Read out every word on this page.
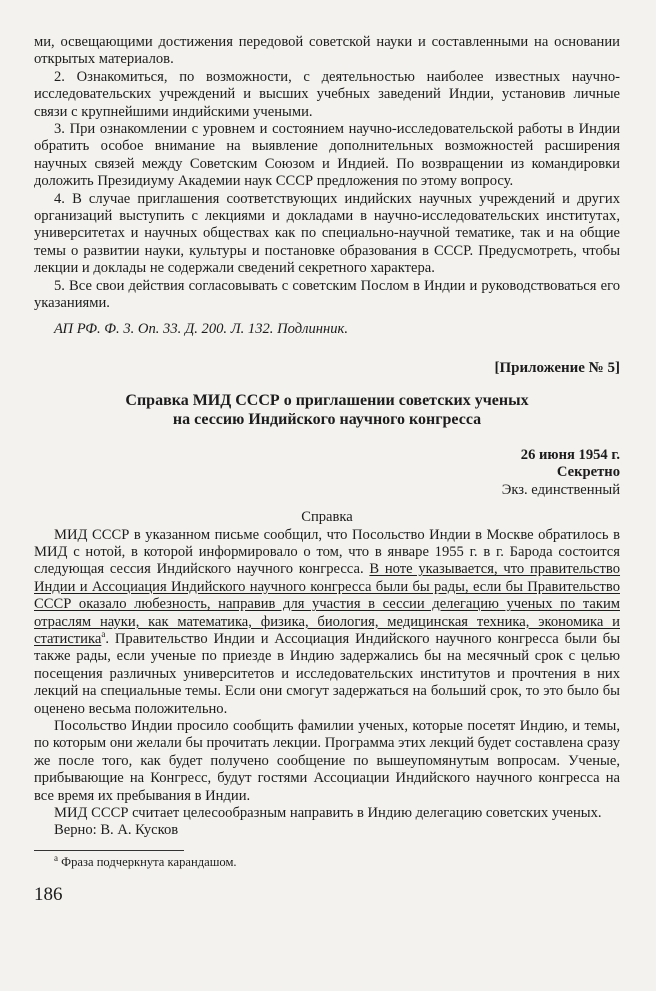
ми, освещающими достижения передовой советской науки и составленными на основании открытых материалов.

2. Ознакомиться, по возможности, с деятельностью наиболее известных научно-исследовательских учреждений и высших учебных заведений Индии, установив личные связи с крупнейшими индийскими учеными.

3. При ознакомлении с уровнем и состоянием научно-исследовательской работы в Индии обратить особое внимание на выявление дополнительных возможностей расширения научных связей между Советским Союзом и Индией. По возвращении из командировки доложить Президиуму Академии наук СССР предложения по этому вопросу.

4. В случае приглашения соответствующих индийских научных учреждений и других организаций выступить с лекциями и докладами в научно-исследовательских институтах, университетах и научных обществах как по специально-научной тематике, так и на общие темы о развитии науки, культуры и постановке образования в СССР. Предусмотреть, чтобы лекции и доклады не содержали сведений секретного характера.

5. Все свои действия согласовывать с советским Послом в Индии и руководствоваться его указаниями.

АП РФ. Ф. 3. Оп. 33. Д. 200. Л. 132. Подлинник.

[Приложение № 5]
Справка МИД СССР о приглашении советских ученых на сессию Индийского научного конгресса
26 июня 1954 г.
Секретно
Экз. единственный
Справка

МИД СССР в указанном письме сообщил, что Посольство Индии в Москве обратилось в МИД с нотой, в которой информировало о том, что в январе 1955 г. в г. Барода состоится следующая сессия Индийского научного конгресса. В ноте указывается, что правительство Индии и Ассоциация Индийского научного конгресса были бы рады, если бы Правительство СССР оказало любезность, направив для участия в сессии делегацию ученых по таким отраслям науки, как математика, физика, биология, медицинская техника, экономика и статистика$^а$. Правительство Индии и Ассоциация Индийского научного конгресса были бы также рады, если ученые по приезде в Индию задержались бы на месячный срок с целью посещения различных университетов и исследовательских институтов и прочтения в них лекций на специальные темы. Если они смогут задержаться на больший срок, то это было бы оценено весьма положительно.

Посольство Индии просило сообщить фамилии ученых, которые посетят Индию, и темы, по которым они желали бы прочитать лекции. Программа этих лекций будет составлена сразу же после того, как будет получено сообщение по вышеупомянутым вопросам. Ученые, прибывающие на Конгресс, будут гостями Ассоциации Индийского научного конгресса на все время их пребывания в Индии.

МИД СССР считает целесообразным направить в Индию делегацию советских ученых.

Верно: В. А. Кусков

$^а$ Фраза подчеркнута карандашом.

186
